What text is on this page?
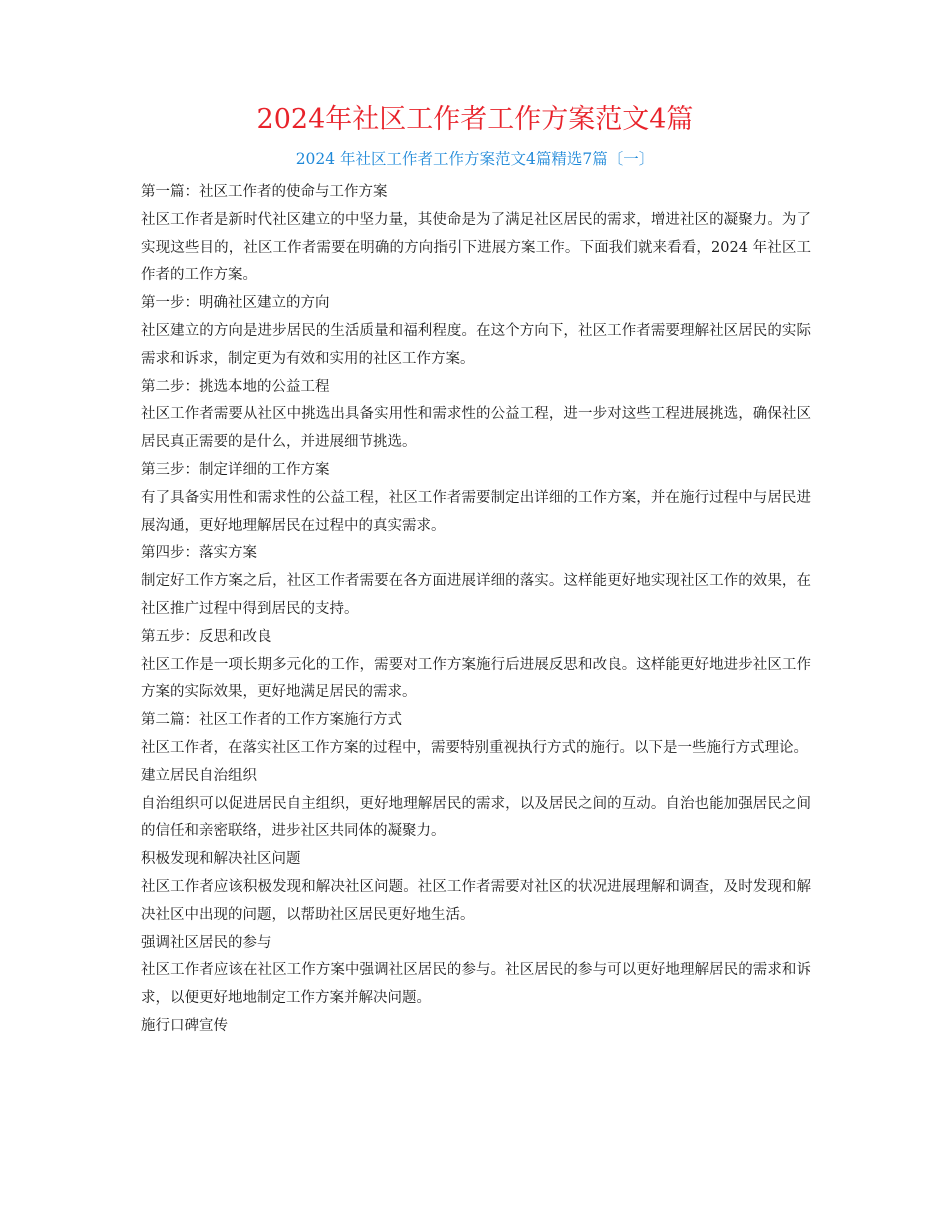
2024年社区工作者工作方案范文4篇
2024 年社区工作者工作方案范文4篇精选7篇〔一〕

第一篇：社区工作者的使命与工作方案

社区工作者是新时代社区建立的中坚力量，其使命是为了满足社区居民的需求，增进社区的凝聚力。为了实现这些目的，社区工作者需要在明确的方向指引下进展方案工作。下面我们就来看看，2024 年社区工作者的工作方案。

第一步：明确社区建立的方向

社区建立的方向是进步居民的生活质量和福利程度。在这个方向下，社区工作者需要理解社区居民的实际需求和诉求，制定更为有效和实用的社区工作方案。

第二步：挑选本地的公益工程

社区工作者需要从社区中挑选出具备实用性和需求性的公益工程，进一步对这些工程进展挑选，确保社区居民真正需要的是什么，并进展细节挑选。

第三步：制定详细的工作方案

有了具备实用性和需求性的公益工程，社区工作者需要制定出详细的工作方案，并在施行过程中与居民进展沟通，更好地理解居民在过程中的真实需求。

第四步：落实方案

制定好工作方案之后，社区工作者需要在各方面进展详细的落实。这样能更好地实现社区工作的效果，在社区推广过程中得到居民的支持。

第五步：反思和改良

社区工作是一项长期多元化的工作，需要对工作方案施行后进展反思和改良。这样能更好地进步社区工作方案的实际效果，更好地满足居民的需求。

第二篇：社区工作者的工作方案施行方式

社区工作者，在落实社区工作方案的过程中，需要特别重视执行方式的施行。以下是一些施行方式理论。

建立居民自治组织

自治组织可以促进居民自主组织，更好地理解居民的需求，以及居民之间的互动。自治也能加强居民之间的信任和亲密联络，进步社区共同体的凝聚力。

积极发现和解决社区问题

社区工作者应该积极发现和解决社区问题。社区工作者需要对社区的状况进展理解和调查，及时发现和解决社区中出现的问题，以帮助社区居民更好地生活。

强调社区居民的参与

社区工作者应该在社区工作方案中强调社区居民的参与。社区居民的参与可以更好地理解居民的需求和诉求，以便更好地地制定工作方案并解决问题。

施行口碑宣传
